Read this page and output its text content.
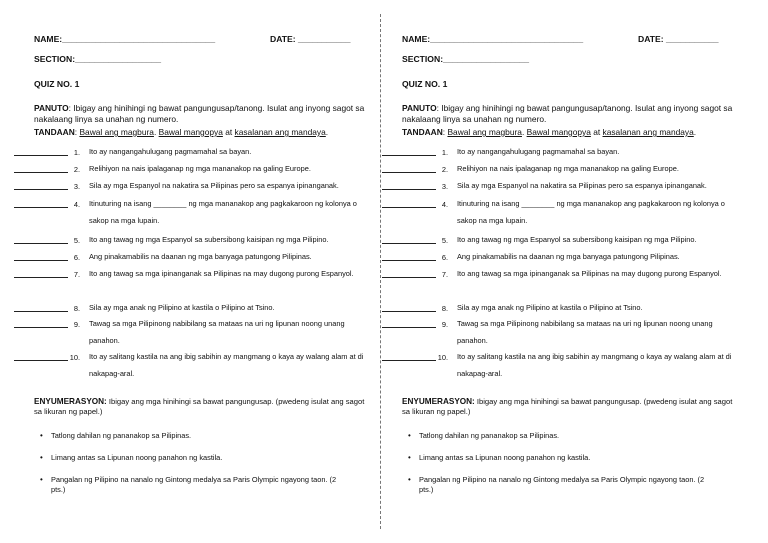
NAME:________________________________	DATE: ___________
SECTION:__________________
QUIZ NO. 1
PANUTO: Ibigay ang hinihingi ng bawat pangungusap/tanong. Isulat ang inyong sagot sa nakalaang linya sa unahan ng numero.
TANDAAN: Bawal ang magbura. Bawal mangopya at kasalanan ang mandaya.
1. Ito ay nangangahulugang pagmamahal sa bayan.
2. Relihiyon na nais ipalaganap ng mga mananakop na galing Europe.
3. Sila ay mga Espanyol na nakatira sa Pilipinas pero sa espanya ipinanganak.
4. Itinuturing na isang ________ ng mga mananakop ang pagkakaroon ng kolonya o sakop na mga lupain.
5. Ito ang tawag ng mga Espanyol sa subersibong kaisipan ng mga Pilipino.
6. Ang pinakamabilis na daanan ng mga banyaga patungong Pilipinas.
7. Ito ang tawag sa mga ipinanganak sa Pilipinas na may dugong purong Espanyol.
8. Sila ay mga anak ng Pilipino at kastila o Pilipino at Tsino.
9. Tawag sa mga Pilipinong nabibilang sa mataas na uri ng lipunan noong unang panahon.
10. Ito ay salitang kastila na ang ibig sabihin ay mangmang o kaya ay walang alam at di nakapag-aral.
ENYUMERASYON: Ibigay ang mga hinihingi sa bawat pangungusap. (pwedeng isulat ang sagot sa likuran ng papel.)
• Tatlong dahilan ng pananakop sa Pilipinas.
• Limang antas sa Lipunan noong panahon ng kastila.
• Pangalan ng Pilipino na nanalo ng Gintong medalya sa Paris Olympic ngayong taon. (2 pts.)
NAME:________________________________	DATE: ___________
SECTION:__________________
QUIZ NO. 1
PANUTO: Ibigay ang hinihingi ng bawat pangungusap/tanong. Isulat ang inyong sagot sa nakalaang linya sa unahan ng numero.
TANDAAN: Bawal ang magbura. Bawal mangopya at kasalanan ang mandaya.
1. Ito ay nangangahulugang pagmamahal sa bayan.
2. Relihiyon na nais ipalaganap ng mga mananakop na galing Europe.
3. Sila ay mga Espanyol na nakatira sa Pilipinas pero sa espanya ipinanganak.
4. Itinuturing na isang ________ ng mga mananakop ang pagkakaroon ng kolonya o sakop na mga lupain.
5. Ito ang tawag ng mga Espanyol sa subersibong kaisipan ng mga Pilipino.
6. Ang pinakamabilis na daanan ng mga banyaga patungong Pilipinas.
7. Ito ang tawag sa mga ipinanganak sa Pilipinas na may dugong purong Espanyol.
8. Sila ay mga anak ng Pilipino at kastila o Pilipino at Tsino.
9. Tawag sa mga Pilipinong nabibilang sa mataas na uri ng lipunan noong unang panahon.
10. Ito ay salitang kastila na ang ibig sabihin ay mangmang o kaya ay walang alam at di nakapag-aral.
ENYUMERASYON: Ibigay ang mga hinihingi sa bawat pangungusap. (pwedeng isulat ang sagot sa likuran ng papel.)
• Tatlong dahilan ng pananakop sa Pilipinas.
• Limang antas sa Lipunan noong panahon ng kastila.
• Pangalan ng Pilipino na nanalo ng Gintong medalya sa Paris Olympic ngayong taon. (2 pts.)
